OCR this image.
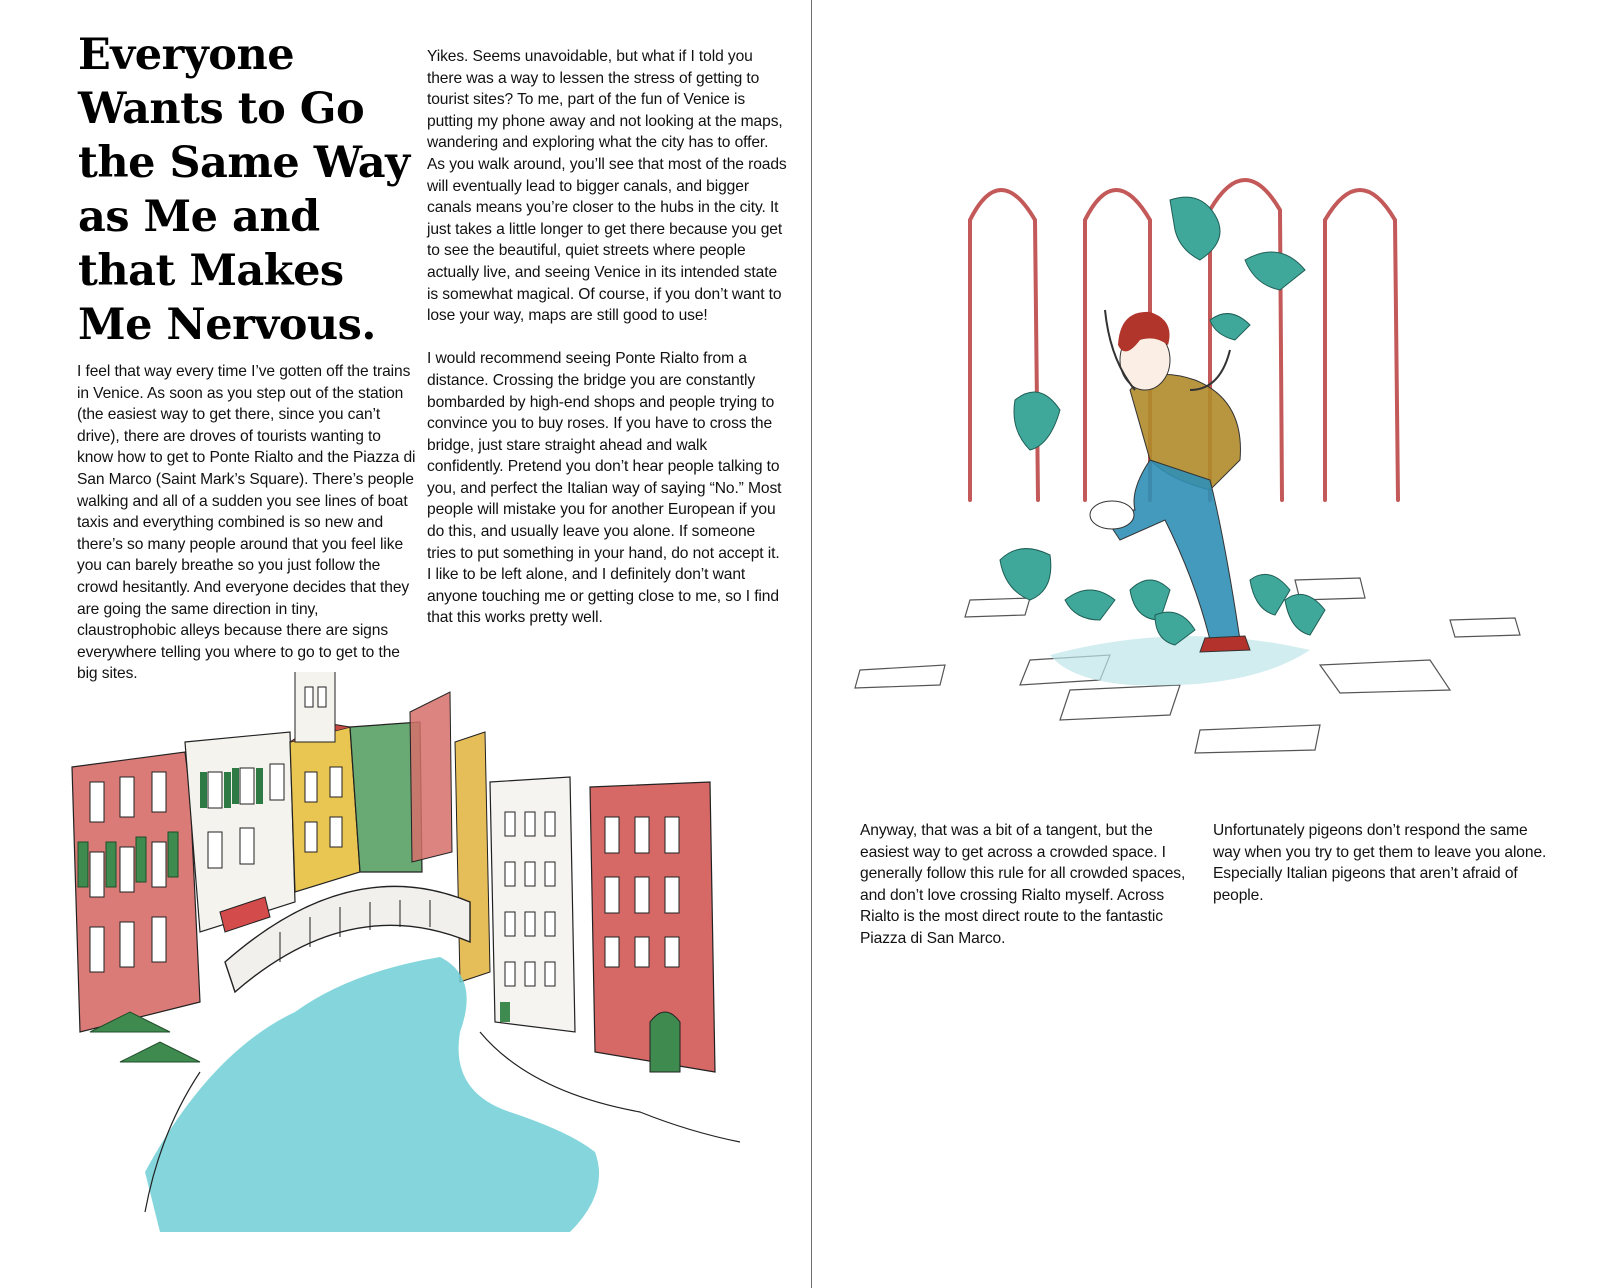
Everyone Wants to Go the Same Way as Me and that Makes Me Nervous.

I feel that way every time I’ve gotten off the trains in Venice. As soon as you step out of the station (the easiest way to get there, since you can’t drive), there are droves of tourists wanting to know how to get to Ponte Rialto and the Piazza di San Marco (Saint Mark’s Square). There’s people walking and all of a sudden you see lines of boat taxis and everything combined is so new and there’s so many people around that you feel like you can barely breathe so you just follow the crowd hesitantly. And everyone decides that they are going the same direction in tiny, claustrophobic alleys because there are signs everywhere telling you where to go to get to the big sites.

Yikes. Seems unavoidable, but what if I told you there was a way to lessen the stress of getting to tourist sites? To me, part of the fun of Venice is putting my phone away and not looking at the maps, wandering and exploring what the city has to offer. As you walk around, you’ll see that most of the roads will eventually lead to bigger canals, and bigger canals means you’re closer to the hubs in the city. It just takes a little longer to get there because you get to see the beautiful, quiet streets where people actually live, and seeing Venice in its intended state is somewhat magical. Of course, if you don’t want to lose your way, maps are still good to use!

I would recommend seeing Ponte Rialto from a distance. Crossing the bridge you are constantly bombarded by high-end shops and people trying to convince you to buy roses. If you have to cross the bridge, just stare straight ahead and walk confidently. Pretend you don’t hear people talking to you, and perfect the Italian way of saying “No.” Most people will mistake you for another European if you do this, and usually leave you alone. If someone tries to put something in your hand, do not accept it. I like to be left alone, and I definitely don’t want anyone touching me or getting close to me, so I find that this works pretty well.

Anyway, that was a bit of a tangent, but the easiest way to get across a crowded space. I generally follow this rule for all crowded spaces, and don’t love crossing Rialto myself. Across Rialto is the most direct route to the fantastic Piazza di San Marco.

Unfortunately pigeons don’t respond the same way when you try to get them to leave you alone. Especially Italian pigeons that aren’t afraid of people.
